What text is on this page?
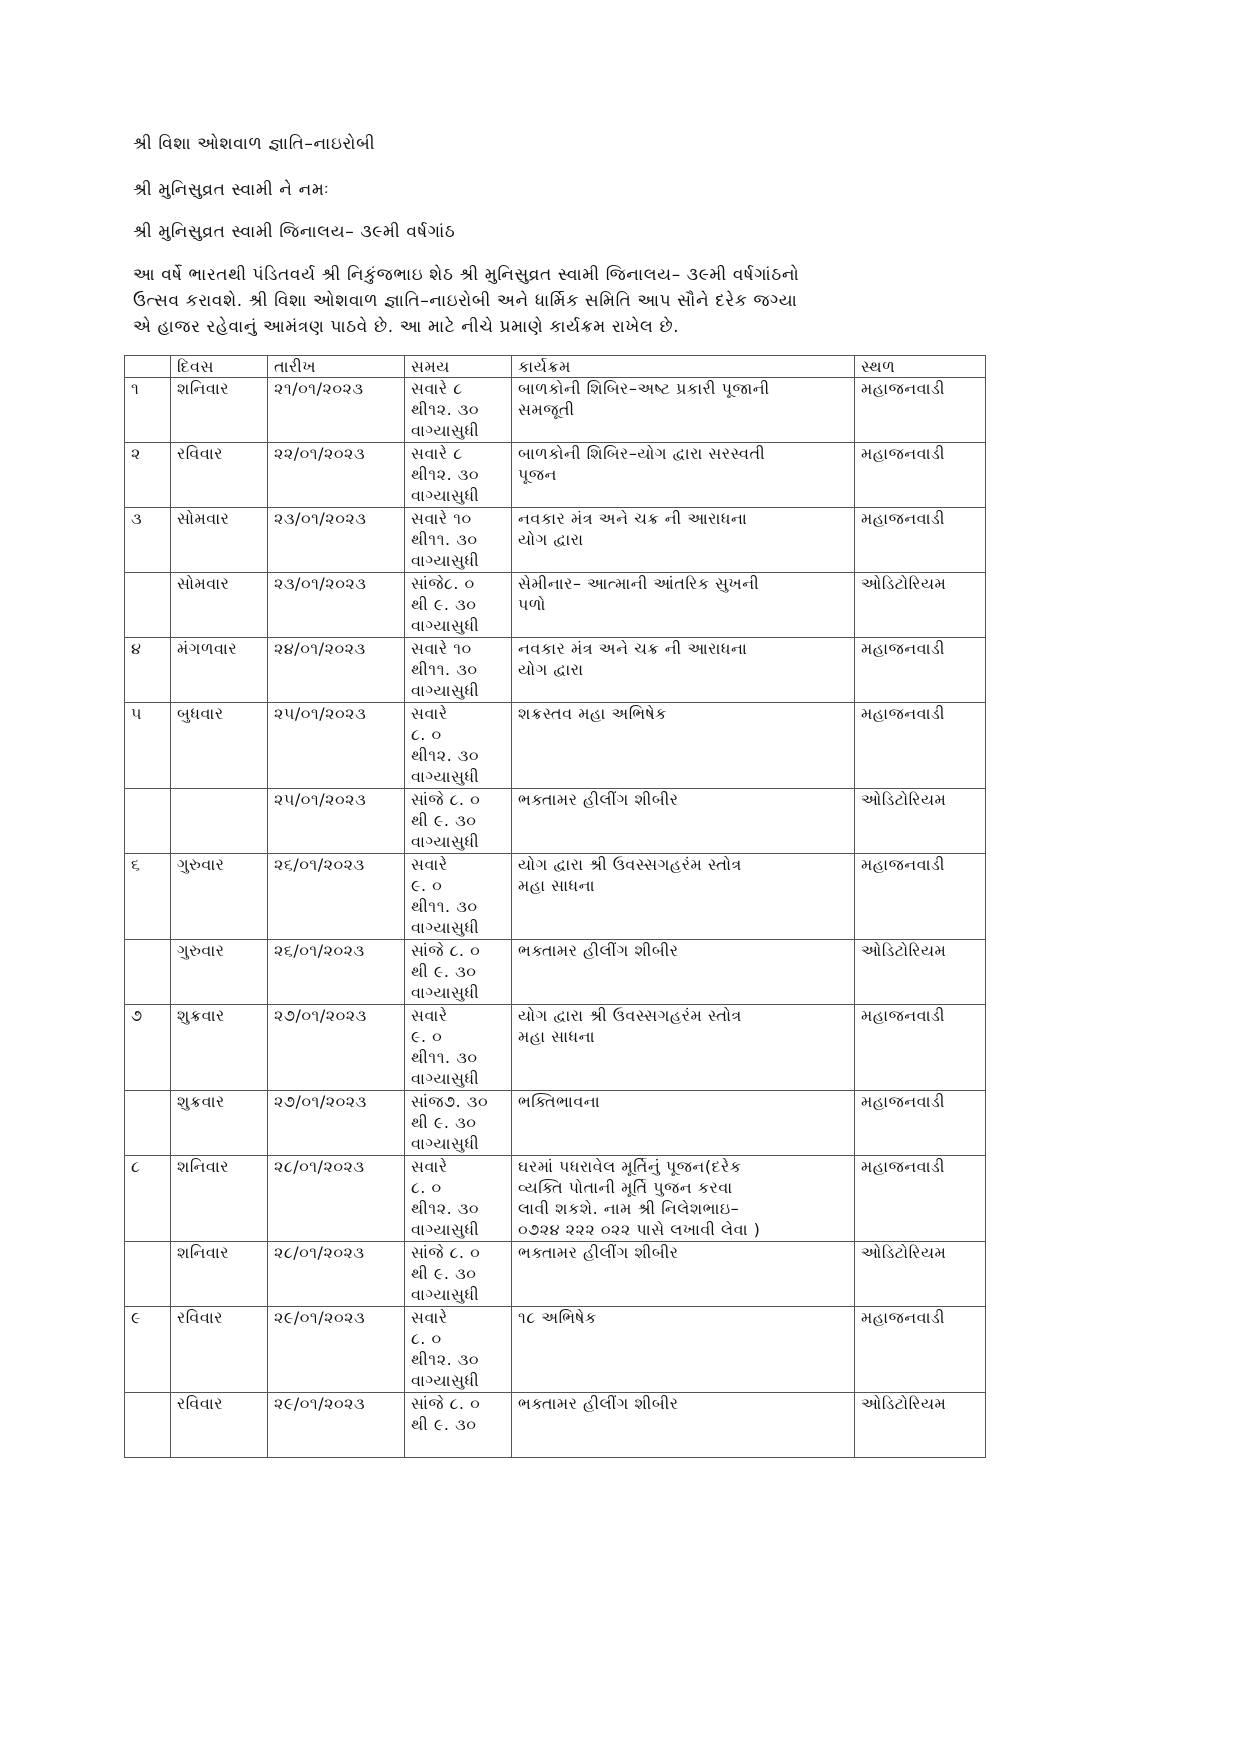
શ્રી વિશા ઓશવાળ જ્ઞાતિ–નાઇરોબી
શ્રી મુનિસુવ્રત સ્વામી ને નમઃ
શ્રી મુનિસુવ્રત સ્વામી જિનાલય– ૩૯મી વર્ષગાંઠ
આ વર્ષે ભારતથી પંડિતવર્ય શ્રી નિકુંજભાઇ શેઠ શ્રી મુનિસુવ્રત સ્વામી જિનાલય– ૩૯મી વર્ષગાંઠનો
ઉત્સવ કરાવશે. શ્રી વિશા ઓશવાળ જ્ઞાતિ–નાઇરોબી અને ધાર્મિક સમિતિ આપ સૌને દરેક જગ્યા
એ હાજર રહેવાનું આમંત્રણ પાઠવે છે. આ માટે નીચે પ્રમાણે કાર્યક્રમ રાખેલ છે.
	દિવસ	તારીખ	સમય	કાર્યક્રમ	સ્થળ
૧	શનિવાર	૨૧/૦૧/૨૦૨૩	સવારે ૮
થી૧૨. ૩૦
વાગ્યાસુધી	બાળકોની શિબિર–અષ્ટ પ્રકારી પૂજાની
સમજૂતી	મહાજનવાડી
૨	રવિવાર	૨૨/૦૧/૨૦૨૩	સવારે ૮
થી૧૨. ૩૦
વાગ્યાસુધી	બાળકોની શિબિર–યોગ દ્વારા સરસ્વતી
પૂજન	મહાજનવાડી
૩	સોમવાર	૨૩/૦૧/૨૦૨૩	સવારે ૧૦
થી૧૧. ૩૦
વાગ્યાસુધી	નવકાર મંત્ર અને ચક્ર ની આરાધના
યોગ દ્વારા	મહાજનવાડી
	સોમવાર	૨૩/૦૧/૨૦૨૩	સાંજે૮. ૦
થી ૯. ૩૦
વાગ્યાસુધી	સેમીનાર– આત્માની આંતરિક સુખની
પળો	ઓડિટોરિયમ
૪	મંગળવાર	૨૪/૦૧/૨૦૨૩	સવારે ૧૦
થી૧૧. ૩૦
વાગ્યાસુધી	નવકાર મંત્ર અને ચક્ર ની આરાધના
યોગ દ્વારા	મહાજનવાડી
૫	બુધવાર	૨૫/૦૧/૨૦૨૩	સવારે
૮. ૦
થી૧૨. ૩૦
વાગ્યાસુધી	શક્રસ્તવ મહા અભિષેક	મહાજનવાડી
		૨૫/૦૧/૨૦૨૩	સાંજે ૮. ૦
થી ૯. ૩૦
વાગ્યાસુધી	ભક્તામર હીલીંગ શીબીર	ઓડિટોરિયમ
૬	ગુરુવાર	૨૬/૦૧/૨૦૨૩	સવારે
૯. ૦
થી૧૧. ૩૦
વાગ્યાસુધી	યોગ દ્વારા શ્રી ઉવસ્સગહરંમ સ્તોત્ર
મહા સાધના	મહાજનવાડી
	ગુરુવાર	૨૬/૦૧/૨૦૨૩	સાંજે ૮. ૦
થી ૯. ૩૦
વાગ્યાસુધી	ભક્તામર હીલીંગ શીબીર	ઓડિટોરિયમ
૭	શુક્રવાર	૨૭/૦૧/૨૦૨૩	સવારે
૯. ૦
થી૧૧. ૩૦
વાગ્યાસુધી	યોગ દ્વારા શ્રી ઉવસ્સગહરંમ સ્તોત્ર
મહા સાધના	મહાજનવાડી
	શુક્રવાર	૨૭/૦૧/૨૦૨૩	સાંજ૭. ૩૦
થી ૯. ૩૦
વાગ્યાસુધી	ભક્તિભાવના	મહાજનવાડી
૮	શનિવાર	૨૮/૦૧/૨૦૨૩	સવારે
૮. ૦
થી૧૨. ૩૦
વાગ્યાસુધી	ઘરમાં પધરાવેલ મૂર્તિનું પૂજન(દરેક
વ્યક્તિ પોતાની મૂર્તિ પુજન કરવા
લાવી શકશે. નામ શ્રી નિલેશભાઇ–
૦૭૨૪ ૨૨૨ ૦૨૨ પાસે લખાવી લેવા )	મહાજનવાડી
	શનિવાર	૨૮/૦૧/૨૦૨૩	સાંજે ૮. ૦
થી ૯. ૩૦
વાગ્યાસુધી	ભક્તામર હીલીંગ શીબીર	ઓડિટોરિયમ
૯	રવિવાર	૨૯/૦૧/૨૦૨૩	સવારે
૮. ૦
થી૧૨. ૩૦
વાગ્યાસુધી	૧૮ અભિષેક	મહાજનવાડી
	રવિવાર	૨૯/૦૧/૨૦૨૩	સાંજે ૮. ૦
થી ૯. ૩૦	ભક્તામર હીલીંગ શીબીર	ઓડિટોરિયમ
